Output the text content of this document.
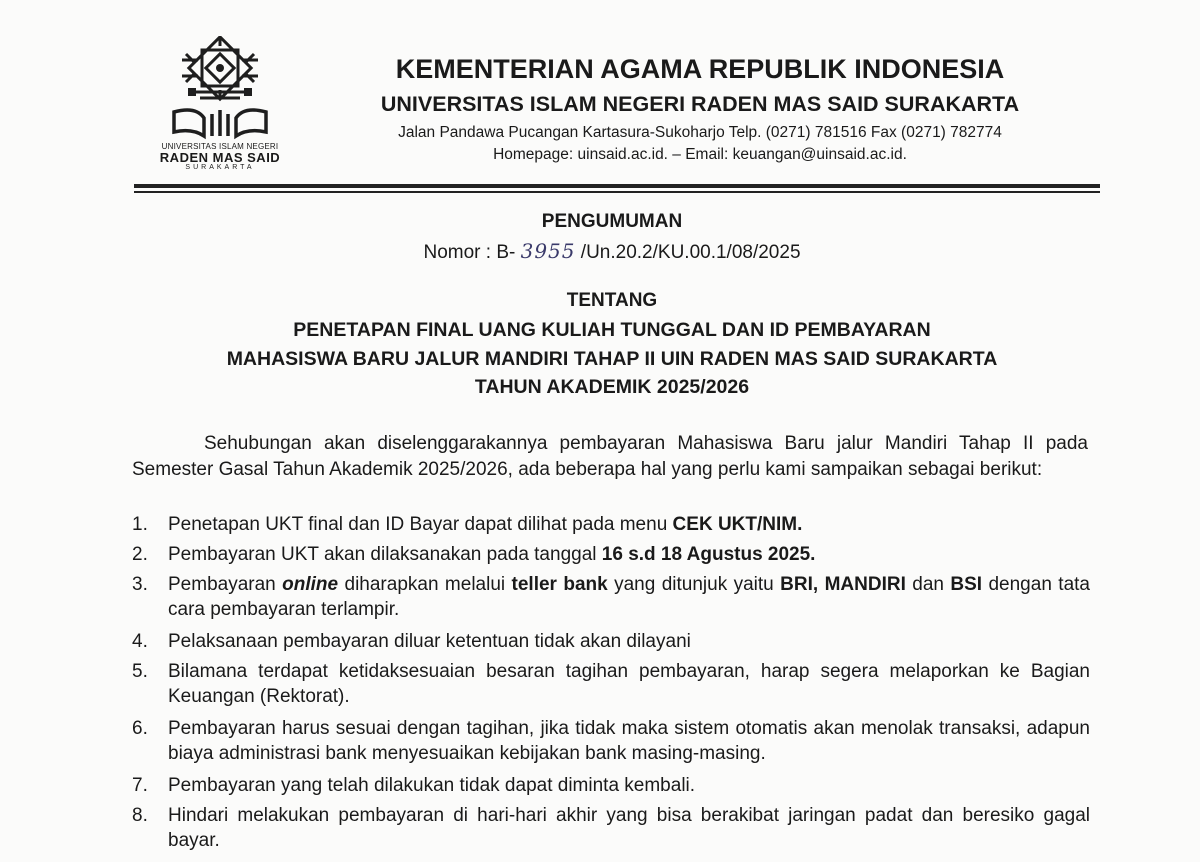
UNIVERSITAS ISLAM NEGERI
RADEN MAS SAID
SURAKARTA
KEMENTERIAN AGAMA REPUBLIK INDONESIA
UNIVERSITAS ISLAM NEGERI RADEN MAS SAID SURAKARTA
Jalan Pandawa Pucangan Kartasura-Sukoharjo Telp. (0271) 781516 Fax (0271) 782774
Homepage: uinsaid.ac.id. – Email: keuangan@uinsaid.ac.id.
PENGUMUMAN
Nomor : B- 3955 /Un.20.2/KU.00.1/08/2025
TENTANG
PENETAPAN FINAL UANG KULIAH TUNGGAL DAN ID PEMBAYARAN
MAHASISWA BARU JALUR MANDIRI TAHAP II UIN RADEN MAS SAID SURAKARTA
TAHUN AKADEMIK 2025/2026
Sehubungan akan diselenggarakannya pembayaran Mahasiswa Baru jalur Mandiri Tahap II pada Semester Gasal Tahun Akademik 2025/2026, ada beberapa hal yang perlu kami sampaikan sebagai berikut:
1. Penetapan UKT final dan ID Bayar dapat dilihat pada menu CEK UKT/NIM.
2. Pembayaran UKT akan dilaksanakan pada tanggal 16 s.d 18 Agustus 2025.
3. Pembayaran online diharapkan melalui teller bank yang ditunjuk yaitu BRI, MANDIRI dan BSI dengan tata cara pembayaran terlampir.
4. Pelaksanaan pembayaran diluar ketentuan tidak akan dilayani
5. Bilamana terdapat ketidaksesuaian besaran tagihan pembayaran, harap segera melaporkan ke Bagian Keuangan (Rektorat).
6. Pembayaran harus sesuai dengan tagihan, jika tidak maka sistem otomatis akan menolak transaksi, adapun biaya administrasi bank menyesuaikan kebijakan bank masing-masing.
7. Pembayaran yang telah dilakukan tidak dapat diminta kembali.
8. Hindari melakukan pembayaran di hari-hari akhir yang bisa berakibat jaringan padat dan beresiko gagal bayar.
